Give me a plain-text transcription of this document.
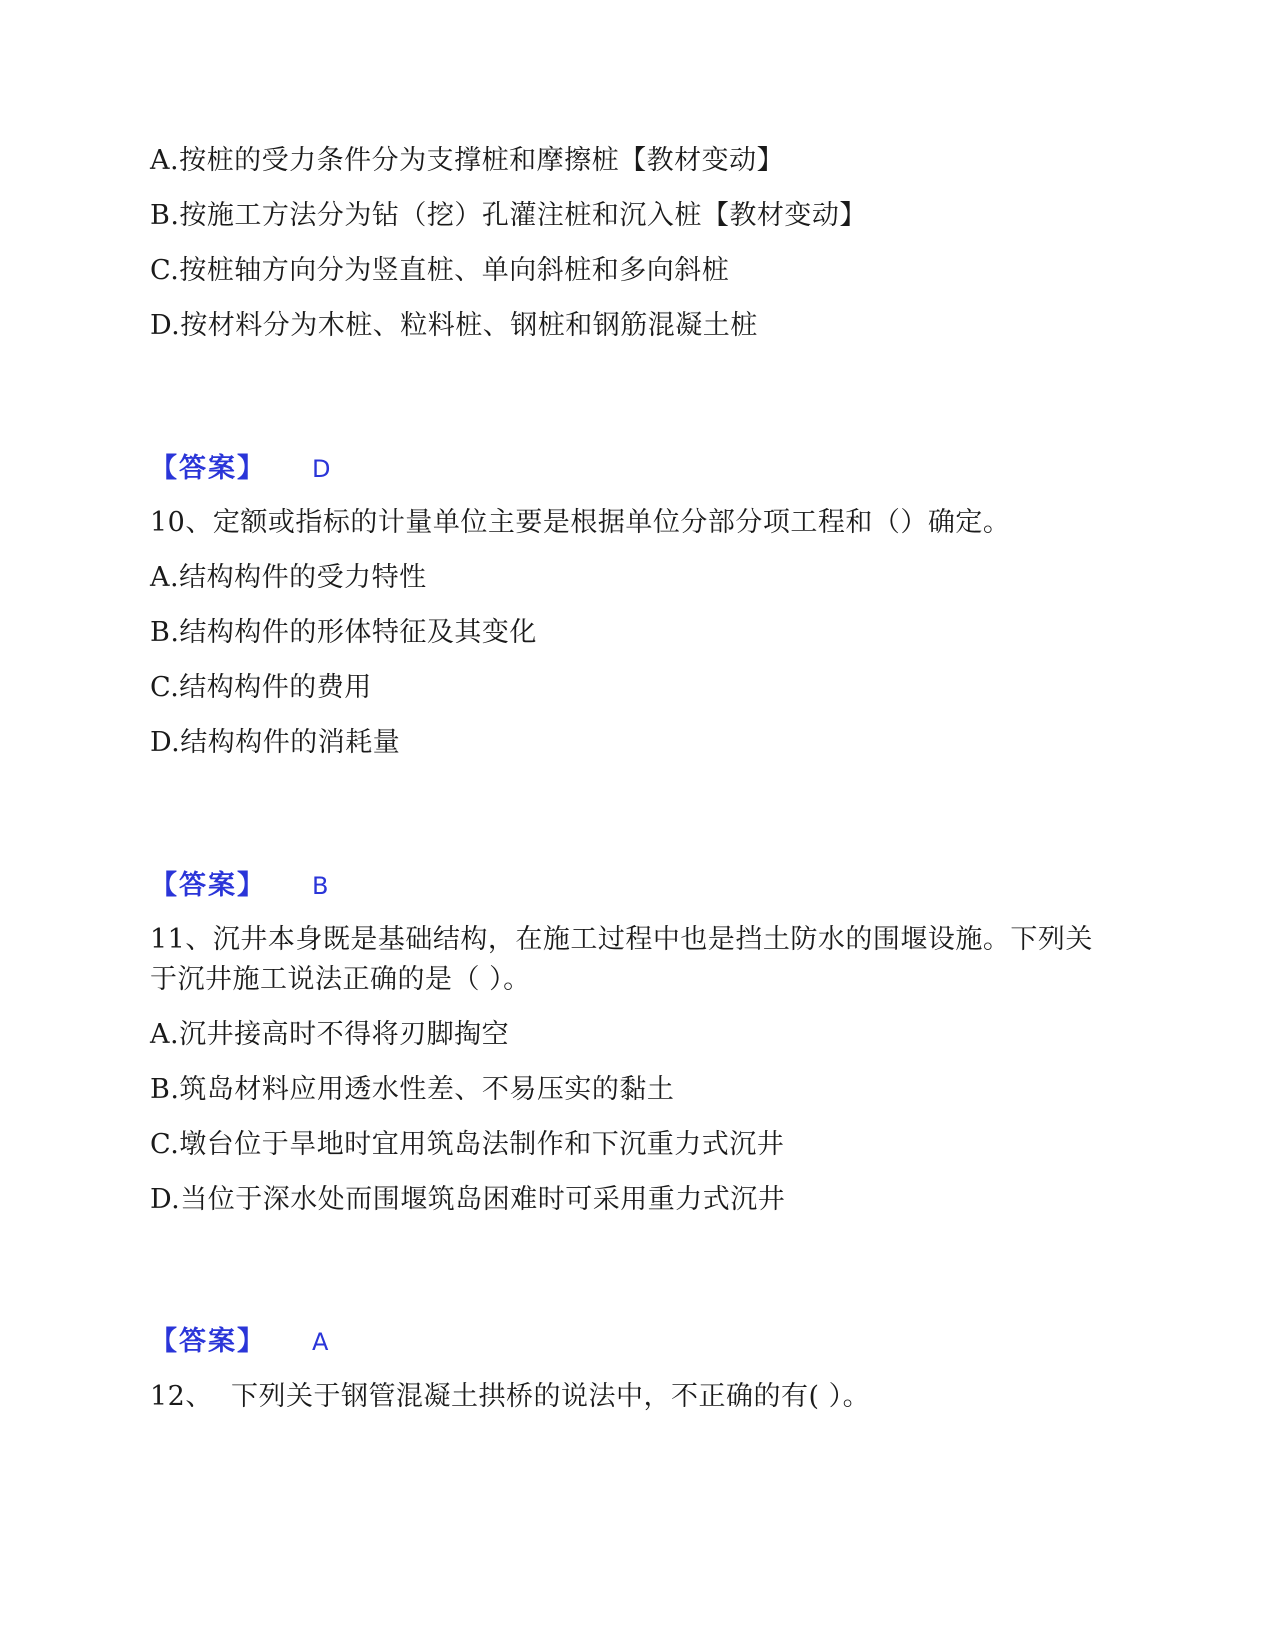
A.按桩的受力条件分为支撑桩和摩擦桩【教材变动】
B.按施工方法分为钻（挖）孔灌注桩和沉入桩【教材变动】
C.按桩轴方向分为竖直桩、单向斜桩和多向斜桩
D.按材料分为木桩、粒料桩、钢桩和钢筋混凝土桩
【答案】 D
10、定额或指标的计量单位主要是根据单位分部分项工程和（）确定。
A.结构构件的受力特性
B.结构构件的形体特征及其变化
C.结构构件的费用
D.结构构件的消耗量
【答案】 B
11、沉井本身既是基础结构，在施工过程中也是挡土防水的围堰设施。下列关于沉井施工说法正确的是（ ）。
A.沉井接高时不得将刃脚掏空
B.筑岛材料应用透水性差、不易压实的黏土
C.墩台位于旱地时宜用筑岛法制作和下沉重力式沉井
D.当位于深水处而围堰筑岛困难时可采用重力式沉井
【答案】 A
12、  下列关于钢管混凝土拱桥的说法中，不正确的有( ）。
